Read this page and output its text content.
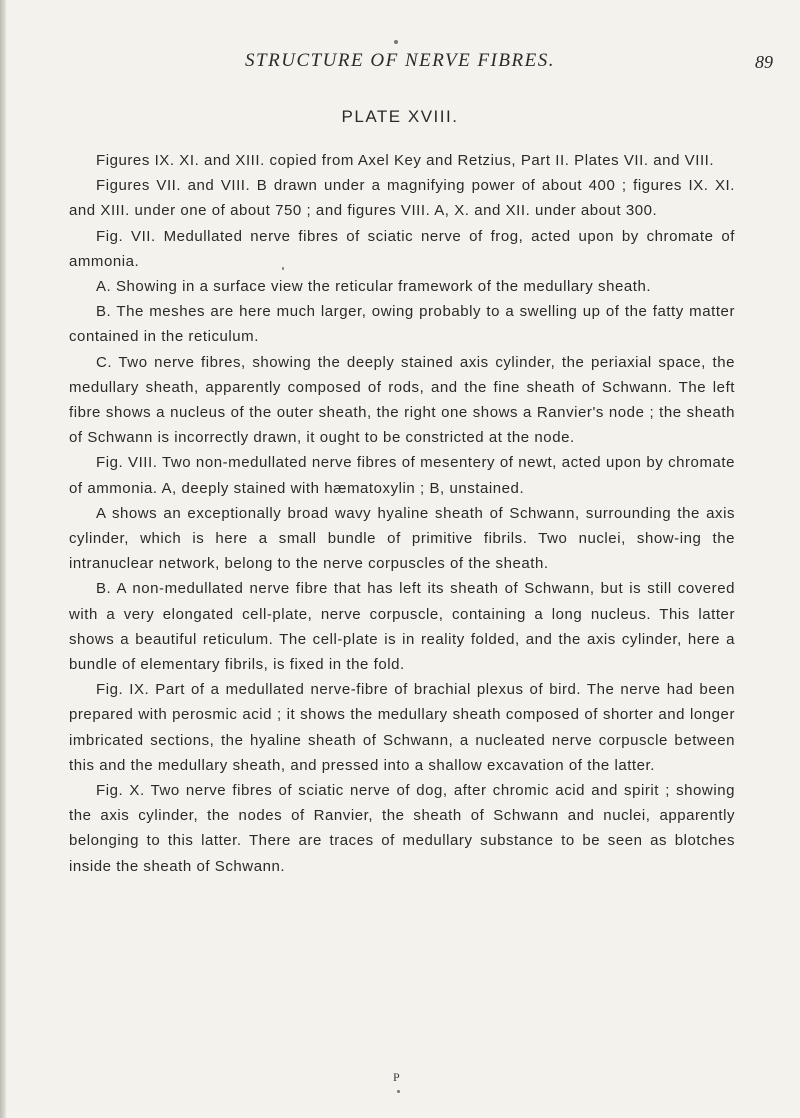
STRUCTURE OF NERVE FIBRES.	89
PLATE XVIII.

Figures IX. XI. and XIII. copied from Axel Key and Retzius, Part II. Plates VII. and VIII.

Figures VII. and VIII. B drawn under a magnifying power of about 400 ; figures IX. XI. and XIII. under one of about 750 ; and figures VIII. A, X. and XII. under about 300.

Fig. VII. Medullated nerve fibres of sciatic nerve of frog, acted upon by chromate of ammonia.

A. Showing in a surface view the reticular framework of the medullary sheath.

B. The meshes are here much larger, owing probably to a swelling up of the fatty matter contained in the reticulum.

C. Two nerve fibres, showing the deeply stained axis cylinder, the periaxial space, the medullary sheath, apparently composed of rods, and the fine sheath of Schwann. The left fibre shows a nucleus of the outer sheath, the right one shows a Ranvier's node ; the sheath of Schwann is incorrectly drawn, it ought to be constricted at the node.

Fig. VIII. Two non-medullated nerve fibres of mesentery of newt, acted upon by chromate of ammonia. A, deeply stained with hæmatoxylin ; B, unstained.

A shows an exceptionally broad wavy hyaline sheath of Schwann, surrounding the axis cylinder, which is here a small bundle of primitive fibrils. Two nuclei, show-ing the intranuclear network, belong to the nerve corpuscles of the sheath.

B. A non-medullated nerve fibre that has left its sheath of Schwann, but is still covered with a very elongated cell-plate, nerve corpuscle, containing a long nucleus. This latter shows a beautiful reticulum. The cell-plate is in reality folded, and the axis cylinder, here a bundle of elementary fibrils, is fixed in the fold.

Fig. IX. Part of a medullated nerve-fibre of brachial plexus of bird. The nerve had been prepared with perosmic acid ; it shows the medullary sheath composed of shorter and longer imbricated sections, the hyaline sheath of Schwann, a nucleated nerve corpuscle between this and the medullary sheath, and pressed into a shallow excavation of the latter.

Fig. X. Two nerve fibres of sciatic nerve of dog, after chromic acid and spirit ; showing the axis cylinder, the nodes of Ranvier, the sheath of Schwann and nuclei, apparently belonging to this latter. There are traces of medullary substance to be seen as blotches inside the sheath of Schwann.

P
